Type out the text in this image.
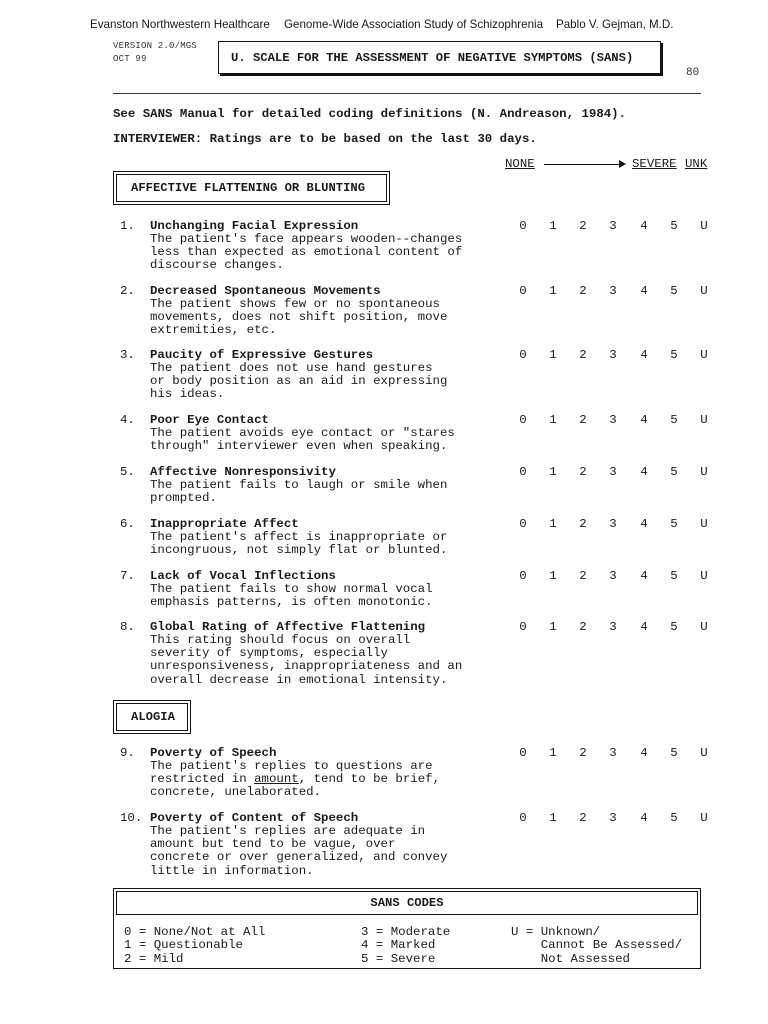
Evanston Northwestern Healthcare Genome-Wide Association Study of Schizophrenia Pablo V. Gejman, M.D.
VERSION 2.0/MGS
OCT 99	U. SCALE FOR THE ASSESSMENT OF NEGATIVE SYMPTOMS (SANS)
80
See SANS Manual for detailed coding definitions (N. Andreason, 1984).
INTERVIEWER: Ratings are to be based on the last 30 days.
NONE	SEVERE UNK
AFFECTIVE FLATTENING OR BLUNTING
1. Unchanging Facial Expression
The patient's face appears wooden--changes
less than expected as emotional content of
discourse changes.
0 1 2 3 4 5 U
2. Decreased Spontaneous Movements
The patient shows few or no spontaneous
movements, does not shift position, move
extremities, etc.
0 1 2 3 4 5 U
3. Paucity of Expressive Gestures
The patient does not use hand gestures
or body position as an aid in expressing
his ideas.
0 1 2 3 4 5 U
4. Poor Eye Contact
The patient avoids eye contact or "stares
through" interviewer even when speaking.
0 1 2 3 4 5 U
5. Affective Nonresponsivity
The patient fails to laugh or smile when
prompted.
0 1 2 3 4 5 U
6. Inappropriate Affect
The patient's affect is inappropriate or
incongruous, not simply flat or blunted.
0 1 2 3 4 5 U
7. Lack of Vocal Inflections
The patient fails to show normal vocal
emphasis patterns, is often monotonic.
0 1 2 3 4 5 U
8. Global Rating of Affective Flattening
This rating should focus on overall
severity of symptoms, especially
unresponsiveness, inappropriateness and an
overall decrease in emotional intensity.
0 1 2 3 4 5 U
ALOGIA
9. Poverty of Speech
The patient's replies to questions are
restricted in amount, tend to be brief,
concrete, unelaborated.
0 1 2 3 4 5 U
10. Poverty of Content of Speech
The patient's replies are adequate in
amount but tend to be vague, over
concrete or over generalized, and convey
little in information.
0 1 2 3 4 5 U
SANS CODES
0 = None/Not at All
1 = Questionable
2 = Mild
3 = Moderate
4 = Marked
5 = Severe
U = Unknown/
Cannot Be Assessed/
Not Assessed
